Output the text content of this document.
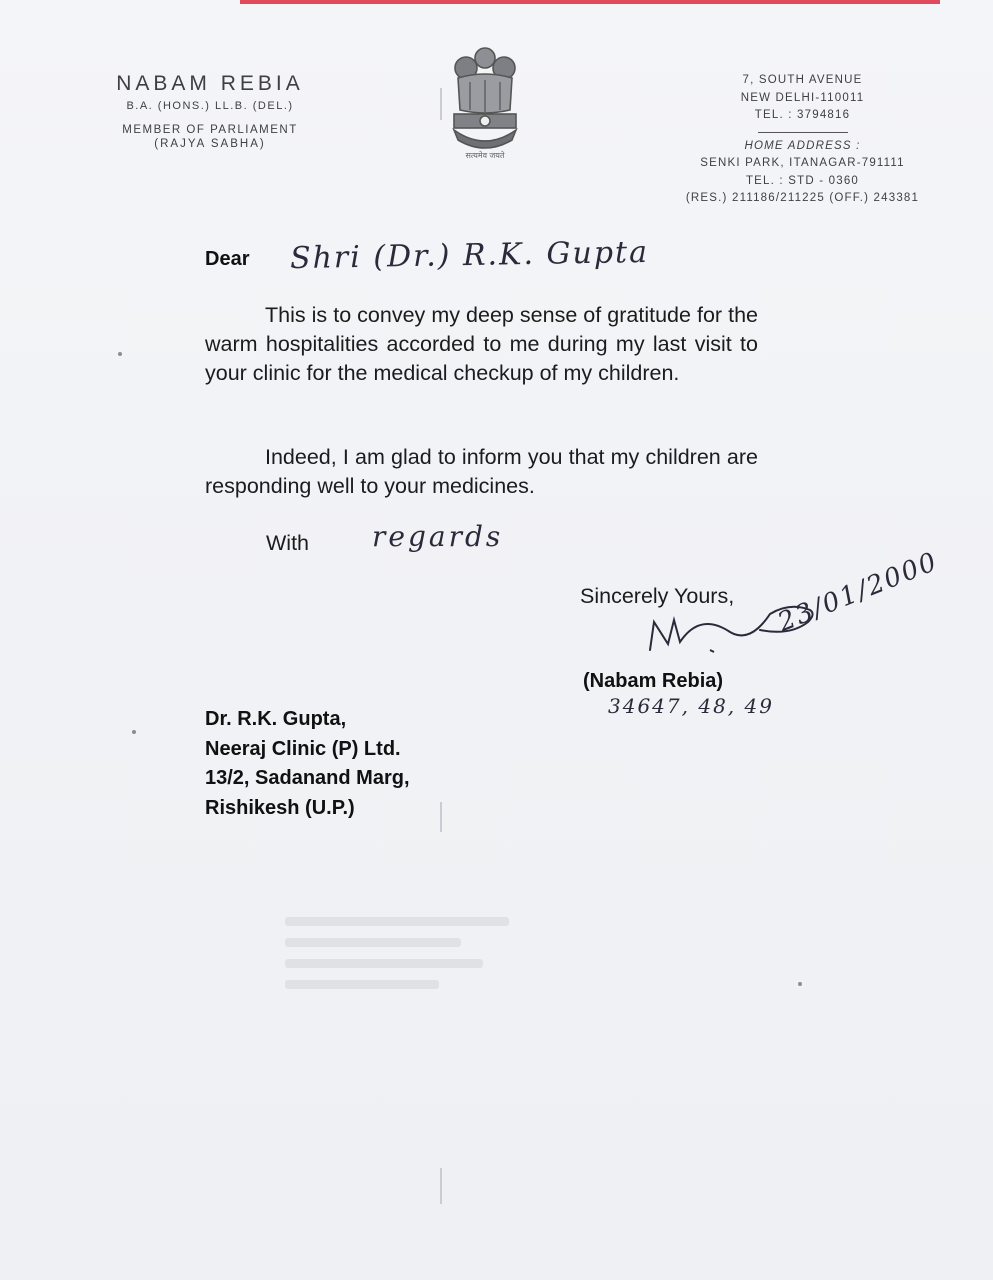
NABAM REBIA
B.A. (HONS.) LL.B. (DEL.)
MEMBER OF PARLIAMENT
(RAJYA SABHA)
सत्यमेव जयते
7, SOUTH AVENUE
NEW DELHI-110011
TEL. : 3794816
HOME ADDRESS :
SENKI PARK, ITANAGAR-791111
TEL. : STD - 0360
(RES.) 211186/211225 (OFF.) 243381
Dear Shri (Dr.) R.K. Gupta
This is to convey my deep sense of gratitude for the warm hospitalities accorded to me during my last visit to your clinic for the medical checkup of my children.
Indeed, I am glad to inform you that my children are responding well to your medicines.
With regards
Sincerely Yours, 23/01/2000
(Nabam Rebia)
34647, 48, 49
Dr. R.K. Gupta,
Neeraj Clinic (P) Ltd.
13/2, Sadanand Marg,
Rishikesh (U.P.)
